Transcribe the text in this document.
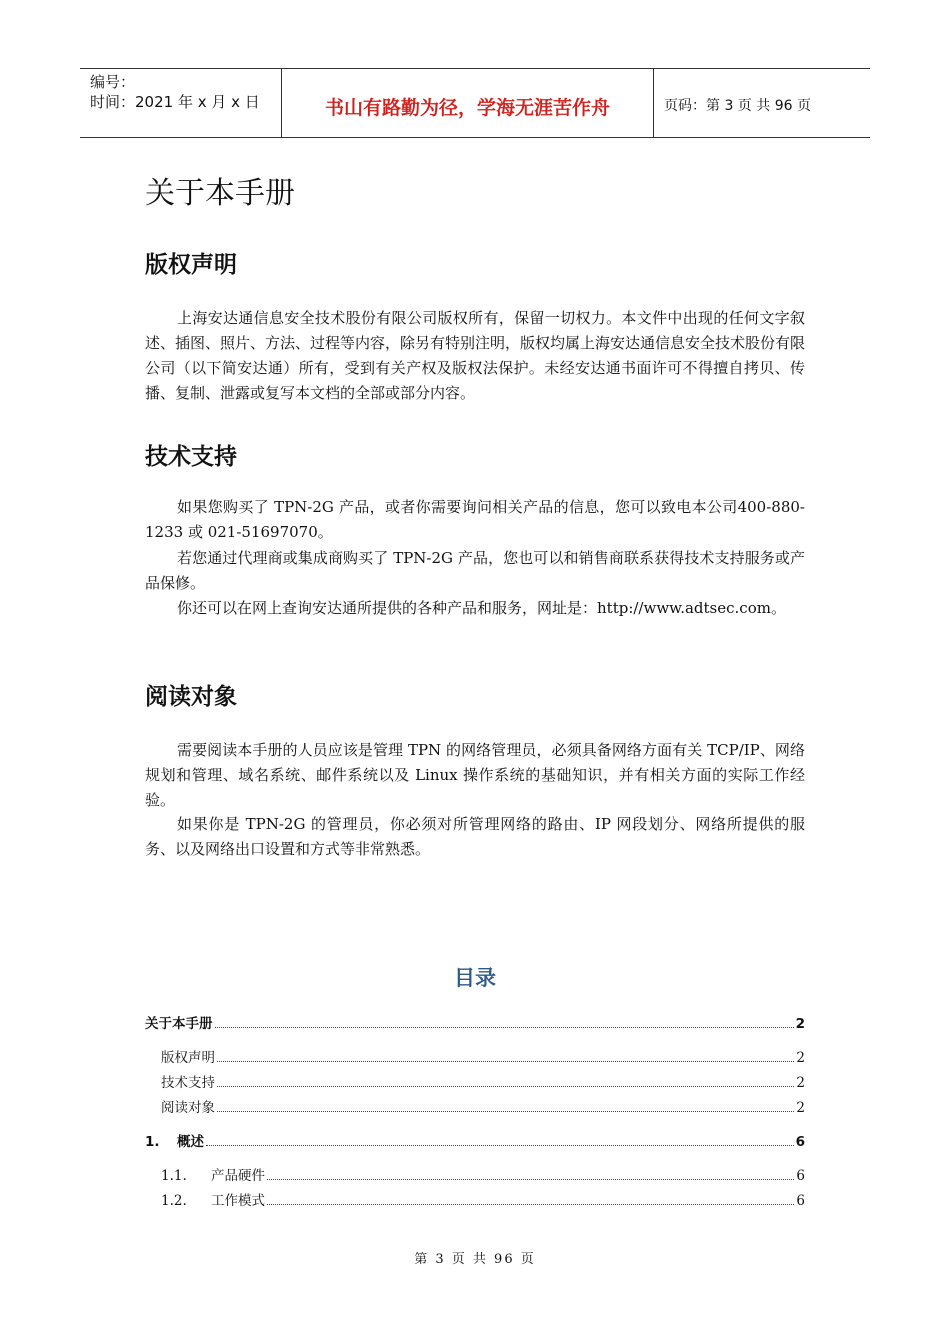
编号：
时间：2021 年 x 月 x 日	书山有路勤为径，学海无涯苦作舟	页码：第 3 页 共 96 页
关于本手册
版权声明

上海安达通信息安全技术股份有限公司版权所有，保留一切权力。本文件中出现的任何文字叙述、插图、照片、方法、过程等内容，除另有特别注明，版权均属上海安达通信息安全技术股份有限公司（以下简安达通）所有，受到有关产权及版权法保护。未经安达通书面许可不得擅自拷贝、传播、复制、泄露或复写本文档的全部或部分内容。

技术支持

如果您购买了 TPN-2G 产品，或者你需要询问相关产品的信息，您可以致电本公司400-880-1233 或 021-51697070。

若您通过代理商或集成商购买了 TPN-2G 产品，您也可以和销售商联系获得技术支持服务或产品保修。

你还可以在网上查询安达通所提供的各种产品和服务，网址是：http://www.adtsec.com。

阅读对象

需要阅读本手册的人员应该是管理 TPN 的网络管理员，必须具备网络方面有关 TCP/IP、网络规划和管理、域名系统、邮件系统以及 Linux 操作系统的基础知识，并有相关方面的实际工作经验。

如果你是 TPN-2G 的管理员，你必须对所管理网络的路由、IP 网段划分、网络所提供的服务、以及网络出口设置和方式等非常熟悉。

目录
关于本手册	2
版权声明	2
技术支持	2
阅读对象	2
1. 概述	6
1.1. 产品硬件	6
1.2. 工作模式	6
第 3 页 共 96 页
